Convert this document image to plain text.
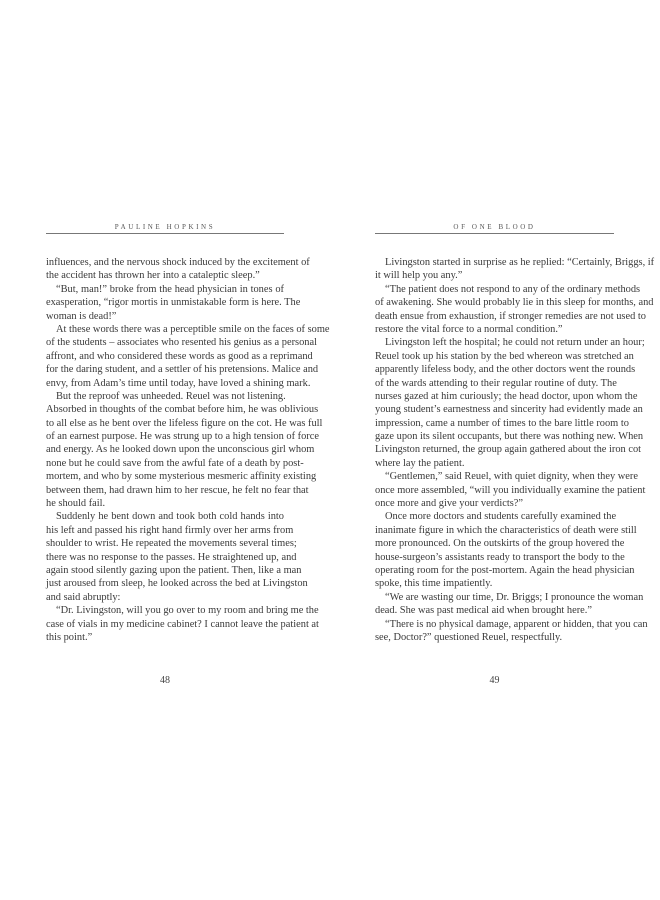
PAULINE HOPKINS
influences, and the nervous shock induced by the excitement of
the accident has thrown her into a cataleptic sleep.”
“But, man!” broke from the head physician in tones of
exasperation, “rigor mortis in unmistakable form is here. The
woman is dead!”
At these words there was a perceptible smile on the faces of some
of the students – associates who resented his genius as a personal
affront, and who considered these words as good as a reprimand
for the daring student, and a settler of his pretensions. Malice and
envy, from Adam’s time until today, have loved a shining mark.
But the reproof was unheeded. Reuel was not listening.
Absorbed in thoughts of the combat before him, he was oblivious
to all else as he bent over the lifeless figure on the cot. He was full
of an earnest purpose. He was strung up to a high tension of force
and energy. As he looked down upon the unconscious girl whom
none but he could save from the awful fate of a death by post-
mortem, and who by some mysterious mesmeric affinity existing
between them, had drawn him to her rescue, he felt no fear that
he should fail.
Suddenly he bent down and took both cold hands into
his left and passed his right hand firmly over her arms from
shoulder to wrist. He repeated the movements several times;
there was no response to the passes. He straightened up, and
again stood silently gazing upon the patient. Then, like a man
just aroused from sleep, he looked across the bed at Livingston
and said abruptly:
“Dr. Livingston, will you go over to my room and bring me the
case of vials in my medicine cabinet? I cannot leave the patient at
this point.”
48
OF ONE BLOOD
Livingston started in surprise as he replied: “Certainly, Briggs, if
it will help you any.”
“The patient does not respond to any of the ordinary methods
of awakening. She would probably lie in this sleep for months, and
death ensue from exhaustion, if stronger remedies are not used to
restore the vital force to a normal condition.”
Livingston left the hospital; he could not return under an hour;
Reuel took up his station by the bed whereon was stretched an
apparently lifeless body, and the other doctors went the rounds
of the wards attending to their regular routine of duty. The
nurses gazed at him curiously; the head doctor, upon whom the
young student’s earnestness and sincerity had evidently made an
impression, came a number of times to the bare little room to
gaze upon its silent occupants, but there was nothing new. When
Livingston returned, the group again gathered about the iron cot
where lay the patient.
“Gentlemen,” said Reuel, with quiet dignity, when they were
once more assembled, “will you individually examine the patient
once more and give your verdicts?”
Once more doctors and students carefully examined the
inanimate figure in which the characteristics of death were still
more pronounced. On the outskirts of the group hovered the
house-surgeon’s assistants ready to transport the body to the
operating room for the post-mortem. Again the head physician
spoke, this time impatiently.
“We are wasting our time, Dr. Briggs; I pronounce the woman
dead. She was past medical aid when brought here.”
“There is no physical damage, apparent or hidden, that you can
see, Doctor?” questioned Reuel, respectfully.
49
